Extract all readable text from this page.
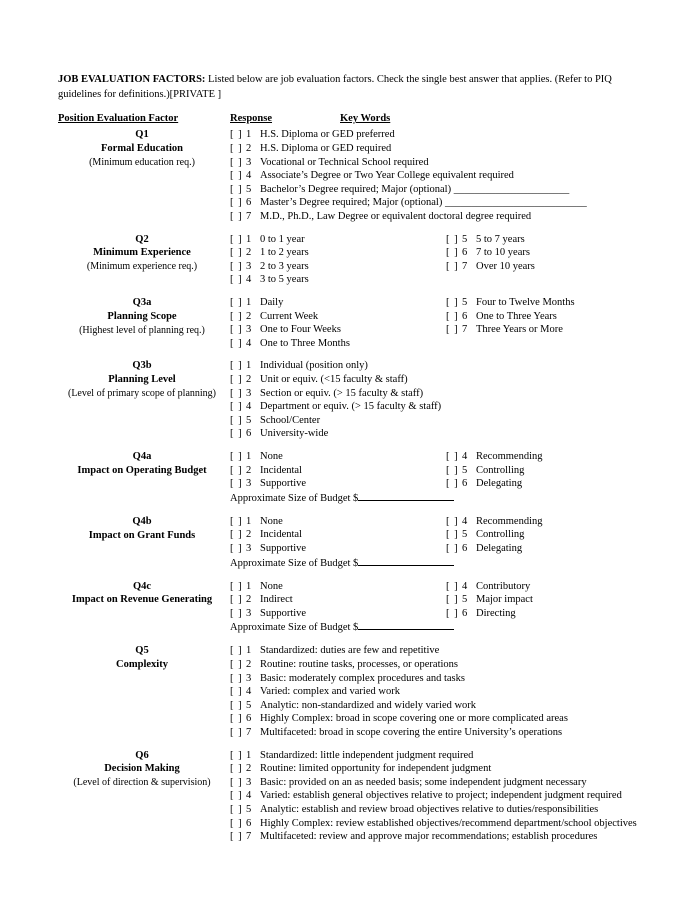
JOB EVALUATION FACTORS: Listed below are job evaluation factors. Check the single best answer that applies. (Refer to PIQ guidelines for definitions.)[PRIVATE ]
Position Evaluation Factor	Response	Key Words
Q1
Formal Education
(Minimum education req.)
[ ] 1 H.S. Diploma or GED preferred
[ ] 2 H.S. Diploma or GED required
[ ] 3 Vocational or Technical School required
[ ] 4 Associate’s Degree or Two Year College equivalent required
[ ] 5 Bachelor’s Degree required; Major (optional) ______________________
[ ] 6 Master’s Degree required; Major (optional) ___________________________
[ ] 7 M.D., Ph.D., Law Degree or equivalent doctoral degree required
Q2
Minimum Experience
(Minimum experience req.)
[ ] 1 0 to 1 year	[ ] 5 5 to 7 years
[ ] 2 1 to 2 years	[ ] 6 7 to 10 years
[ ] 3 2 to 3 years	[ ] 7 Over 10 years
[ ] 4 3 to 5 years
Q3a
Planning Scope
(Highest level of planning req.)
[ ] 1 Daily	[ ] 5 Four to Twelve Months
[ ] 2 Current Week	[ ] 6 One to Three Years
[ ] 3 One to Four Weeks	[ ] 7 Three Years or More
[ ] 4 One to Three Months
Q3b
Planning Level
(Level of primary scope of planning)
[ ] 1 Individual (position only)
[ ] 2 Unit or equiv. (<15 faculty & staff)
[ ] 3 Section or equiv. (> 15 faculty & staff)
[ ] 4 Department or equiv. (> 15 faculty & staff)
[ ] 5 School/Center
[ ] 6 University-wide
Q4a
Impact on Operating Budget
[ ] 1 None	[ ] 4 Recommending
[ ] 2 Incidental	[ ] 5 Controlling
[ ] 3 Supportive	[ ] 6 Delegating
Approximate Size of Budget $
Q4b
Impact on Grant Funds
[ ] 1 None	[ ] 4 Recommending
[ ] 2 Incidental	[ ] 5 Controlling
[ ] 3 Supportive	[ ] 6 Delegating
Approximate Size of Budget $
Q4c
Impact on Revenue Generating
[ ] 1 None	[ ] 4 Contributory
[ ] 2 Indirect	[ ] 5 Major impact
[ ] 3 Supportive	[ ] 6 Directing
Approximate Size of Budget $
Q5
Complexity
[ ] 1 Standardized: duties are few and repetitive
[ ] 2 Routine: routine tasks, processes, or operations
[ ] 3 Basic: moderately complex procedures and tasks
[ ] 4 Varied: complex and varied work
[ ] 5 Analytic: non-standardized and widely varied work
[ ] 6 Highly Complex: broad in scope covering one or more complicated areas
[ ] 7 Multifaceted: broad in scope covering the entire University’s operations
Q6
Decision Making
(Level of direction & supervision)
[ ] 1 Standardized: little independent judgment required
[ ] 2 Routine: limited opportunity for independent judgment
[ ] 3 Basic: provided on an as needed basis; some independent judgment necessary
[ ] 4 Varied: establish general objectives relative to project; independent judgment required
[ ] 5 Analytic: establish and review broad objectives relative to duties/responsibilities
[ ] 6 Highly Complex: review established objectives/recommend department/school objectives
[ ] 7 Multifaceted: review and approve major recommendations; establish procedures
